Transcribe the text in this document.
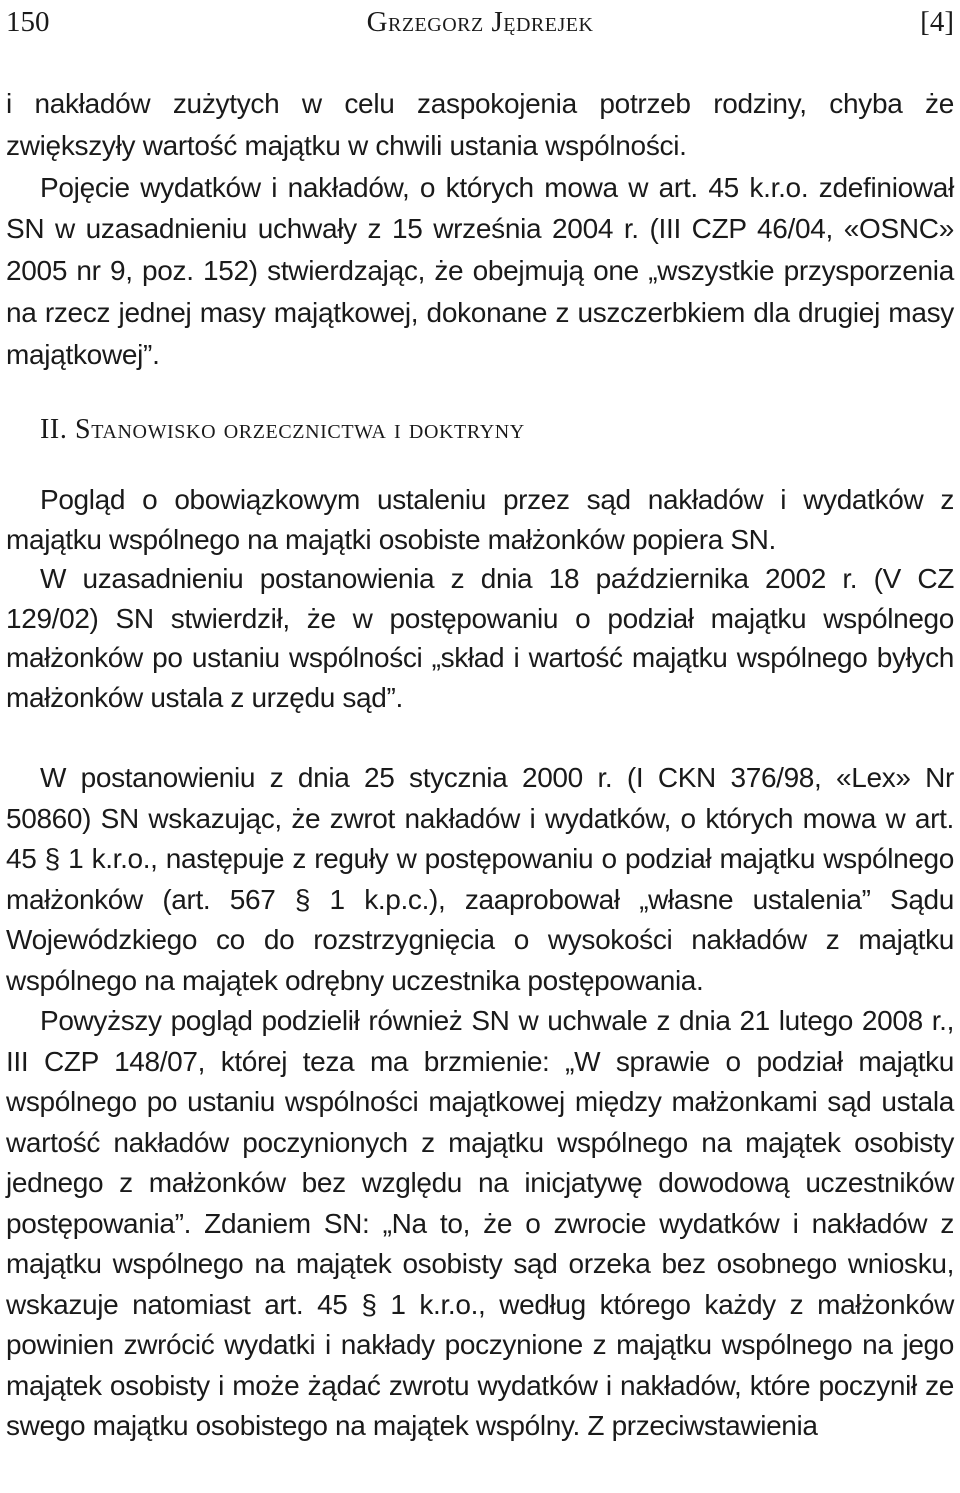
150	Grzegorz Jędrejek	[4]

i nakładów zużytych w celu zaspokojenia potrzeb rodziny, chyba że zwiększyły wartość majątku w chwili ustania wspólności.

Pojęcie wydatków i nakładów, o których mowa w art. 45 k.r.o. zdefiniował SN w uzasadnieniu uchwały z 15 września 2004 r. (III CZP 46/04, «OSNC» 2005 nr 9, poz. 152) stwierdzając, że obejmują one „wszystkie przysporzenia na rzecz jednej masy majątkowej, dokonane z uszczerbkiem dla drugiej masy majątkowej”.

II. Stanowisko orzecznictwa i doktryny

Pogląd o obowiązkowym ustaleniu przez sąd nakładów i wydatków z majątku wspólnego na majątki osobiste małżonków popiera SN.

W uzasadnieniu postanowienia z dnia 18 października 2002 r. (V CZ 129/02) SN stwierdził, że w postępowaniu o podział majątku wspólnego małżonków po ustaniu wspólności „skład i wartość majątku wspólnego byłych małżonków ustala z urzędu sąd”.

W postanowieniu z dnia 25 stycznia 2000 r. (I CKN 376/98, «Lex» Nr 50860) SN wskazując, że zwrot nakładów i wydatków, o których mowa w art. 45 § 1 k.r.o., następuje z reguły w postępowaniu o podział majątku wspólnego małżonków (art. 567 § 1 k.p.c.), zaaprobował „własne ustalenia” Sądu Wojewódzkiego co do rozstrzygnięcia o wysokości nakładów z majątku wspólnego na majątek odrębny uczestnika postępowania.

Powyższy pogląd podzielił również SN w uchwale z dnia 21 lutego 2008 r., III CZP 148/07, której teza ma brzmienie: „W sprawie o podział majątku wspólnego po ustaniu wspólności majątkowej między małżonkami sąd ustala wartość nakładów poczynionych z majątku wspólnego na majątek osobisty jednego z małżonków bez względu na inicjatywę dowodową uczestników postępowania”. Zdaniem SN: „Na to, że o zwrocie wydatków i nakładów z majątku wspólnego na majątek osobisty sąd orzeka bez osobnego wniosku, wskazuje natomiast art. 45 § 1 k.r.o., według którego każdy z małżonków powinien zwrócić wydatki i nakłady poczynione z majątku wspólnego na jego majątek osobisty i może żądać zwrotu wydatków i nakładów, które poczynił ze swego majątku osobistego na majątek wspólny. Z przeciwstawienia
